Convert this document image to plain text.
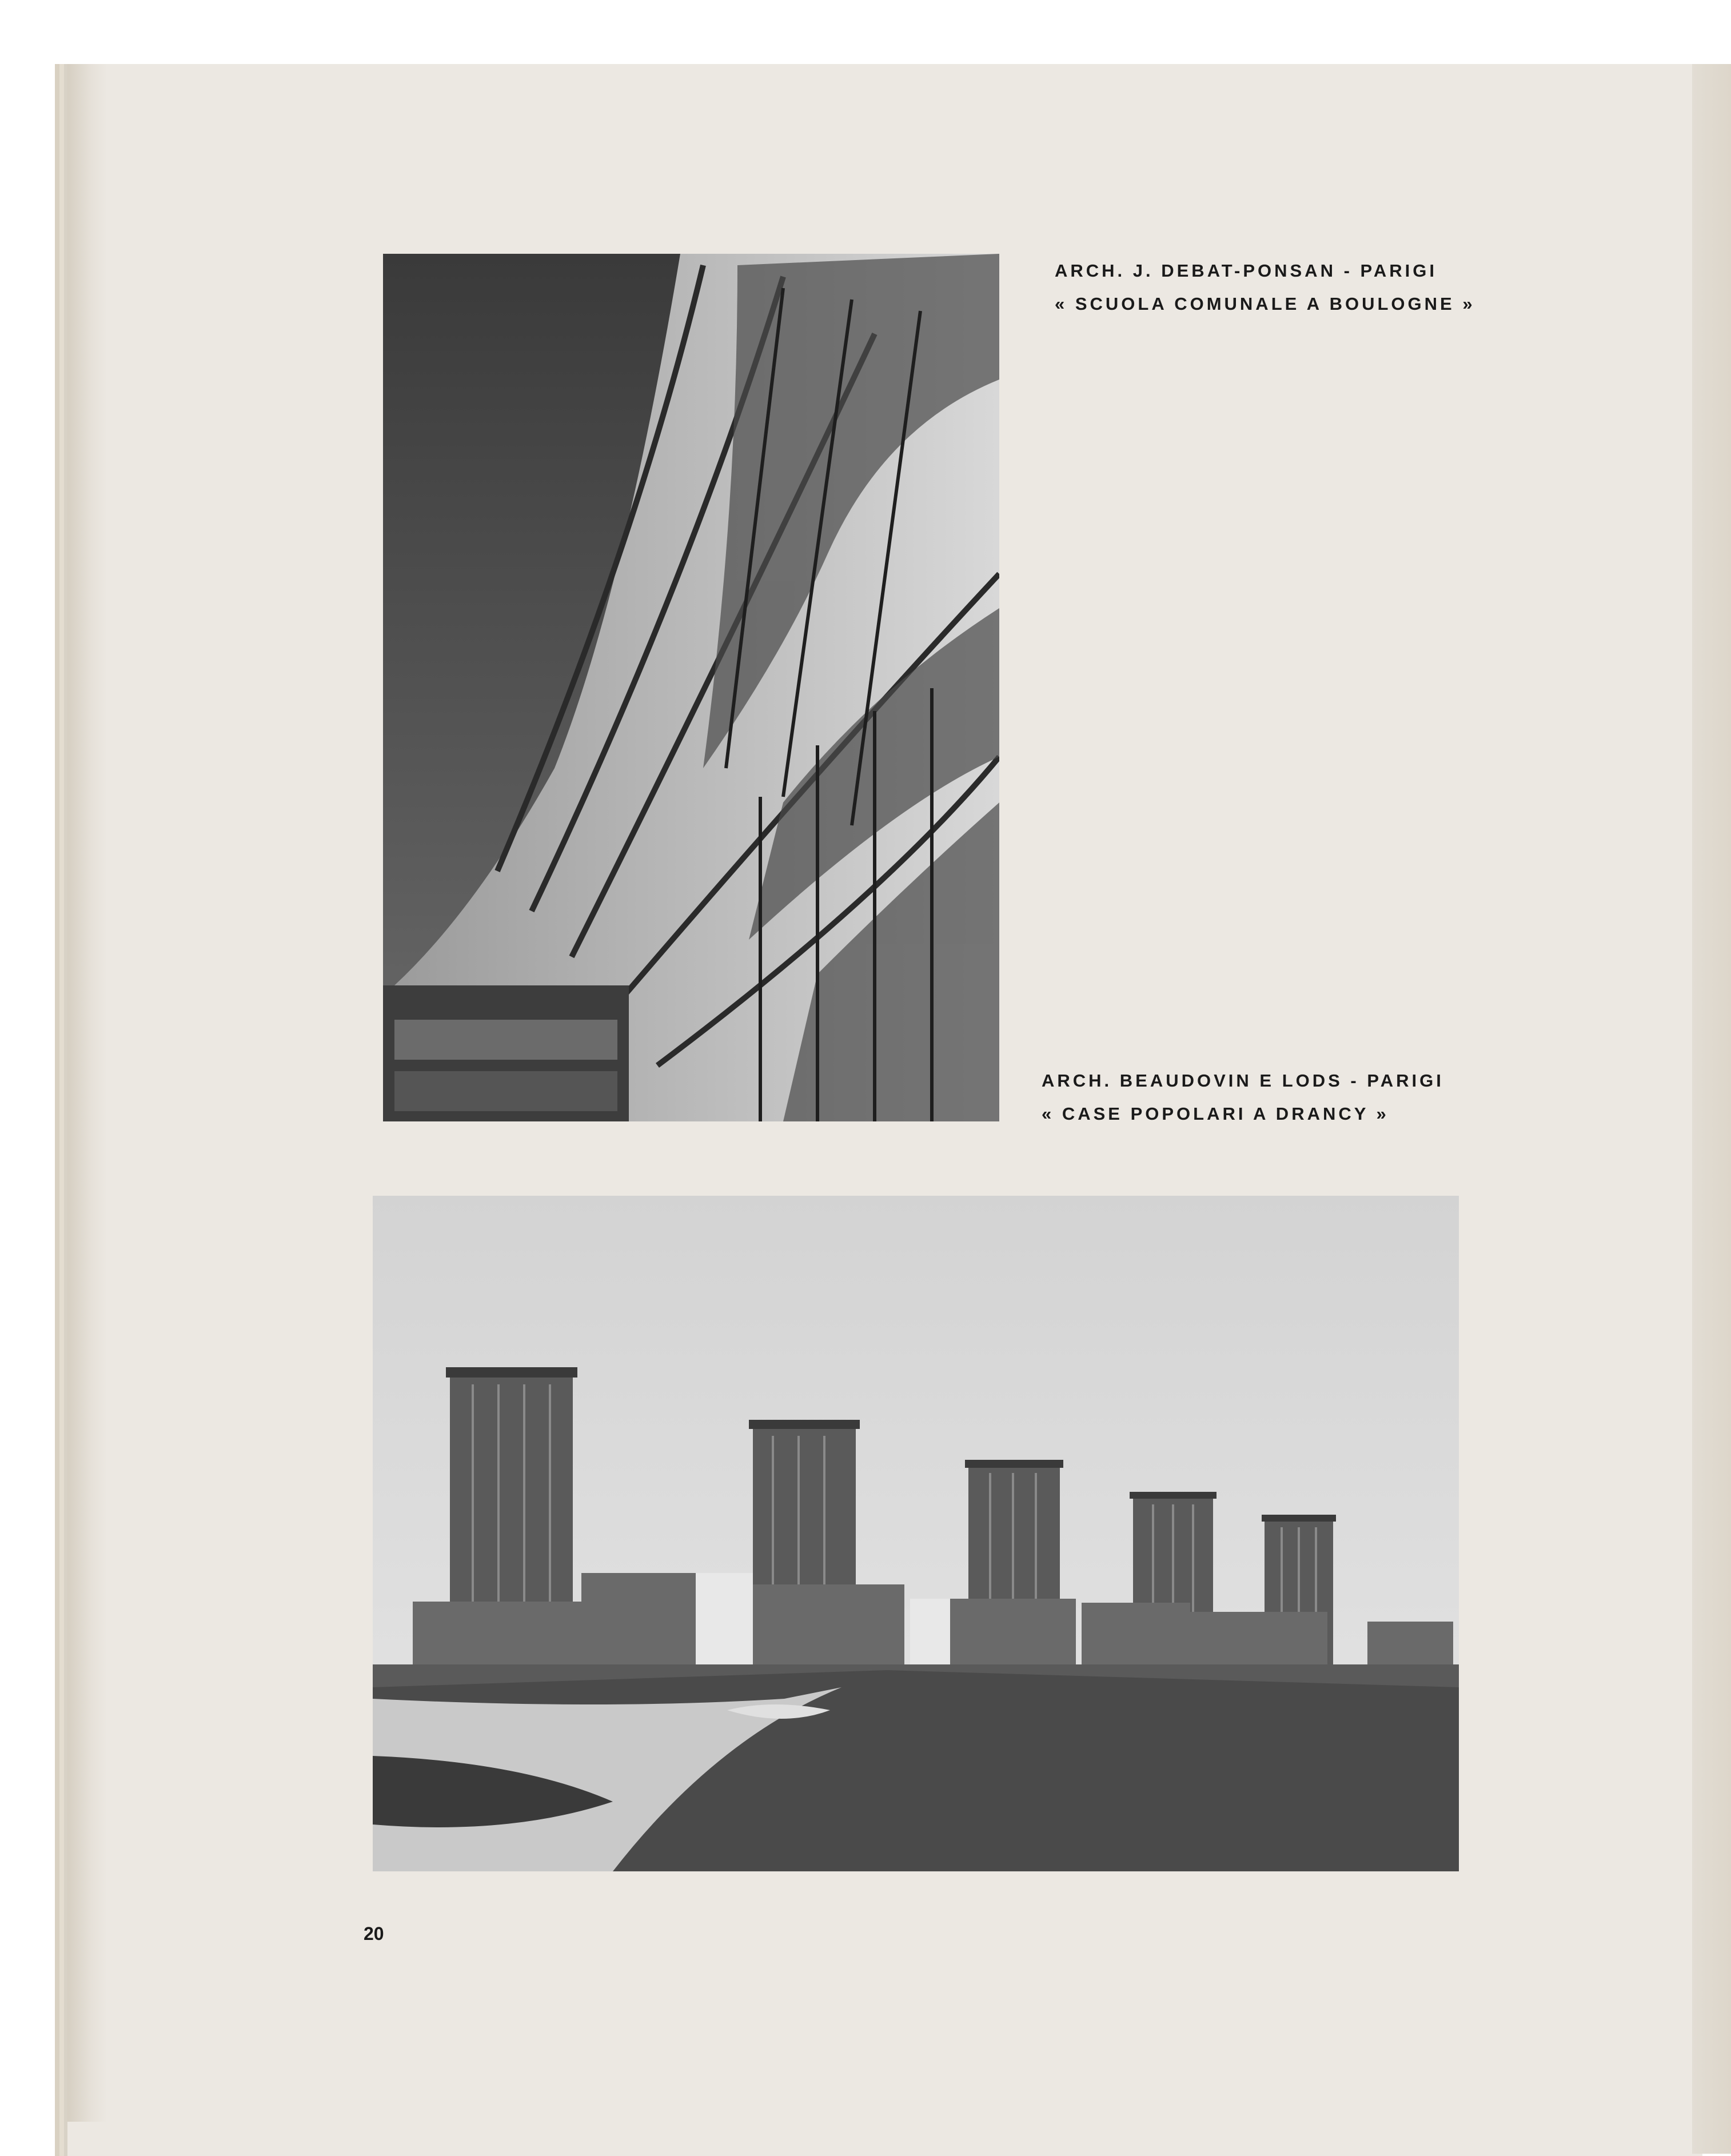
ARCH. J. DEBAT-PONSAN - PARIGI
« SCUOLA COMUNALE A BOULOGNE »
ARCH. BEAUDOVIN E LODS - PARIGI
« CASE POPOLARI A DRANCY »
20
